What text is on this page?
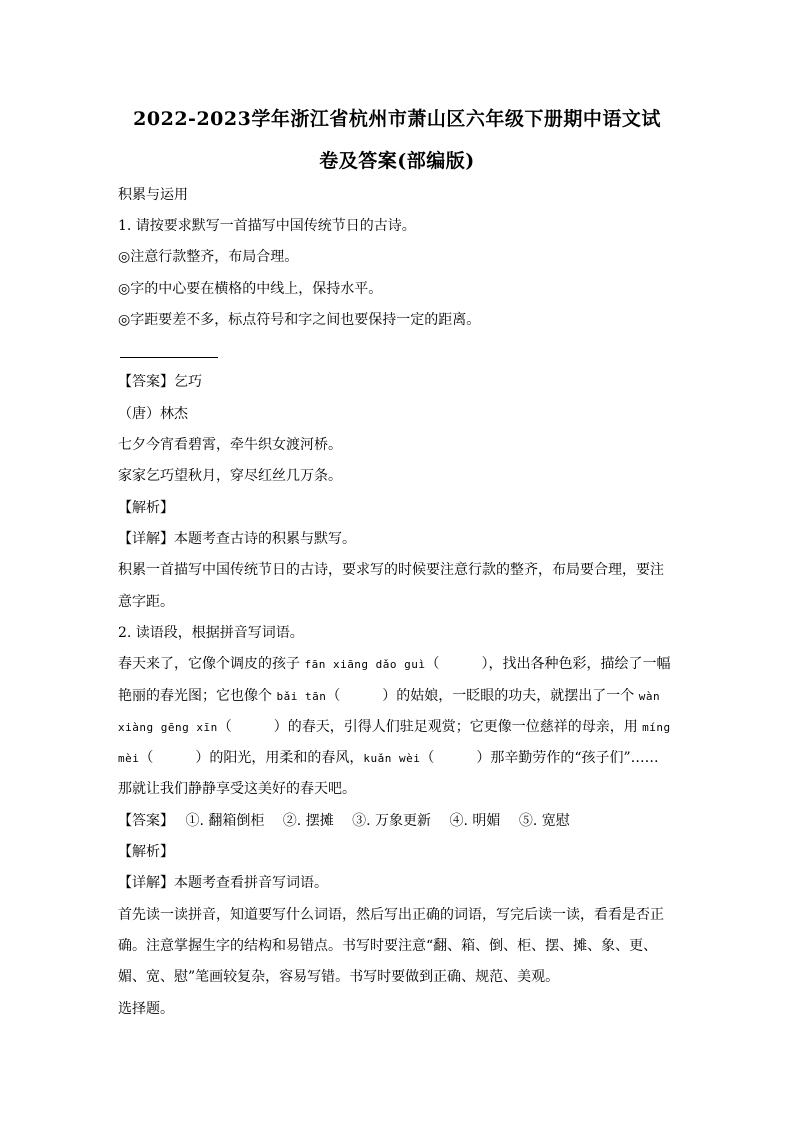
2022-2023学年浙江省杭州市萧山区六年级下册期中语文试
卷及答案(部编版)
积累与运用
1. 请按要求默写一首描写中国传统节日的古诗。
◎注意行款整齐，布局合理。
◎字的中心要在横格的中线上，保持水平。
◎字距要差不多，标点符号和字之间也要保持一定的距离。
【答案】乞巧
（唐）林杰
七夕今宵看碧霄，牵牛织女渡河桥。
家家乞巧望秋月，穿尽红丝几万条。
【解析】
【详解】本题考查古诗的积累与默写。
积累一首描写中国传统节日的古诗，要求写的时候要注意行款的整齐，布局要合理，要注
意字距。
2. 读语段，根据拼音写词语。
春天来了，它像个调皮的孩子 fān xiāng dǎo guì（　　　），找出各种色彩，描绘了一幅
艳丽的春光图；它也像个 bǎi tān（　　　）的姑娘，一眨眼的功夫，就摆出了一个 wàn
xiàng gēng xīn（　　　）的春天，引得人们驻足观赏；它更像一位慈祥的母亲，用 míng
mèi（　　　）的阳光，用柔和的春风，kuǎn wèi（　　　）那辛勤劳作的“孩子们”……
那就让我们静静享受这美好的春天吧。
【答案】　 ①. 翻箱倒柜　 ②. 摆摊　 ③. 万象更新　 ④. 明媚　 ⑤. 宽慰
【解析】
【详解】本题考查看拼音写词语。
首先读一读拼音，知道要写什么词语，然后写出正确的词语，写完后读一读，看看是否正
确。注意掌握生字的结构和易错点。书写时要注意“翻、箱、倒、柜、摆、摊、象、更、
媚、宽、慰”笔画较复杂，容易写错。书写时要做到正确、规范、美观。
选择题。
